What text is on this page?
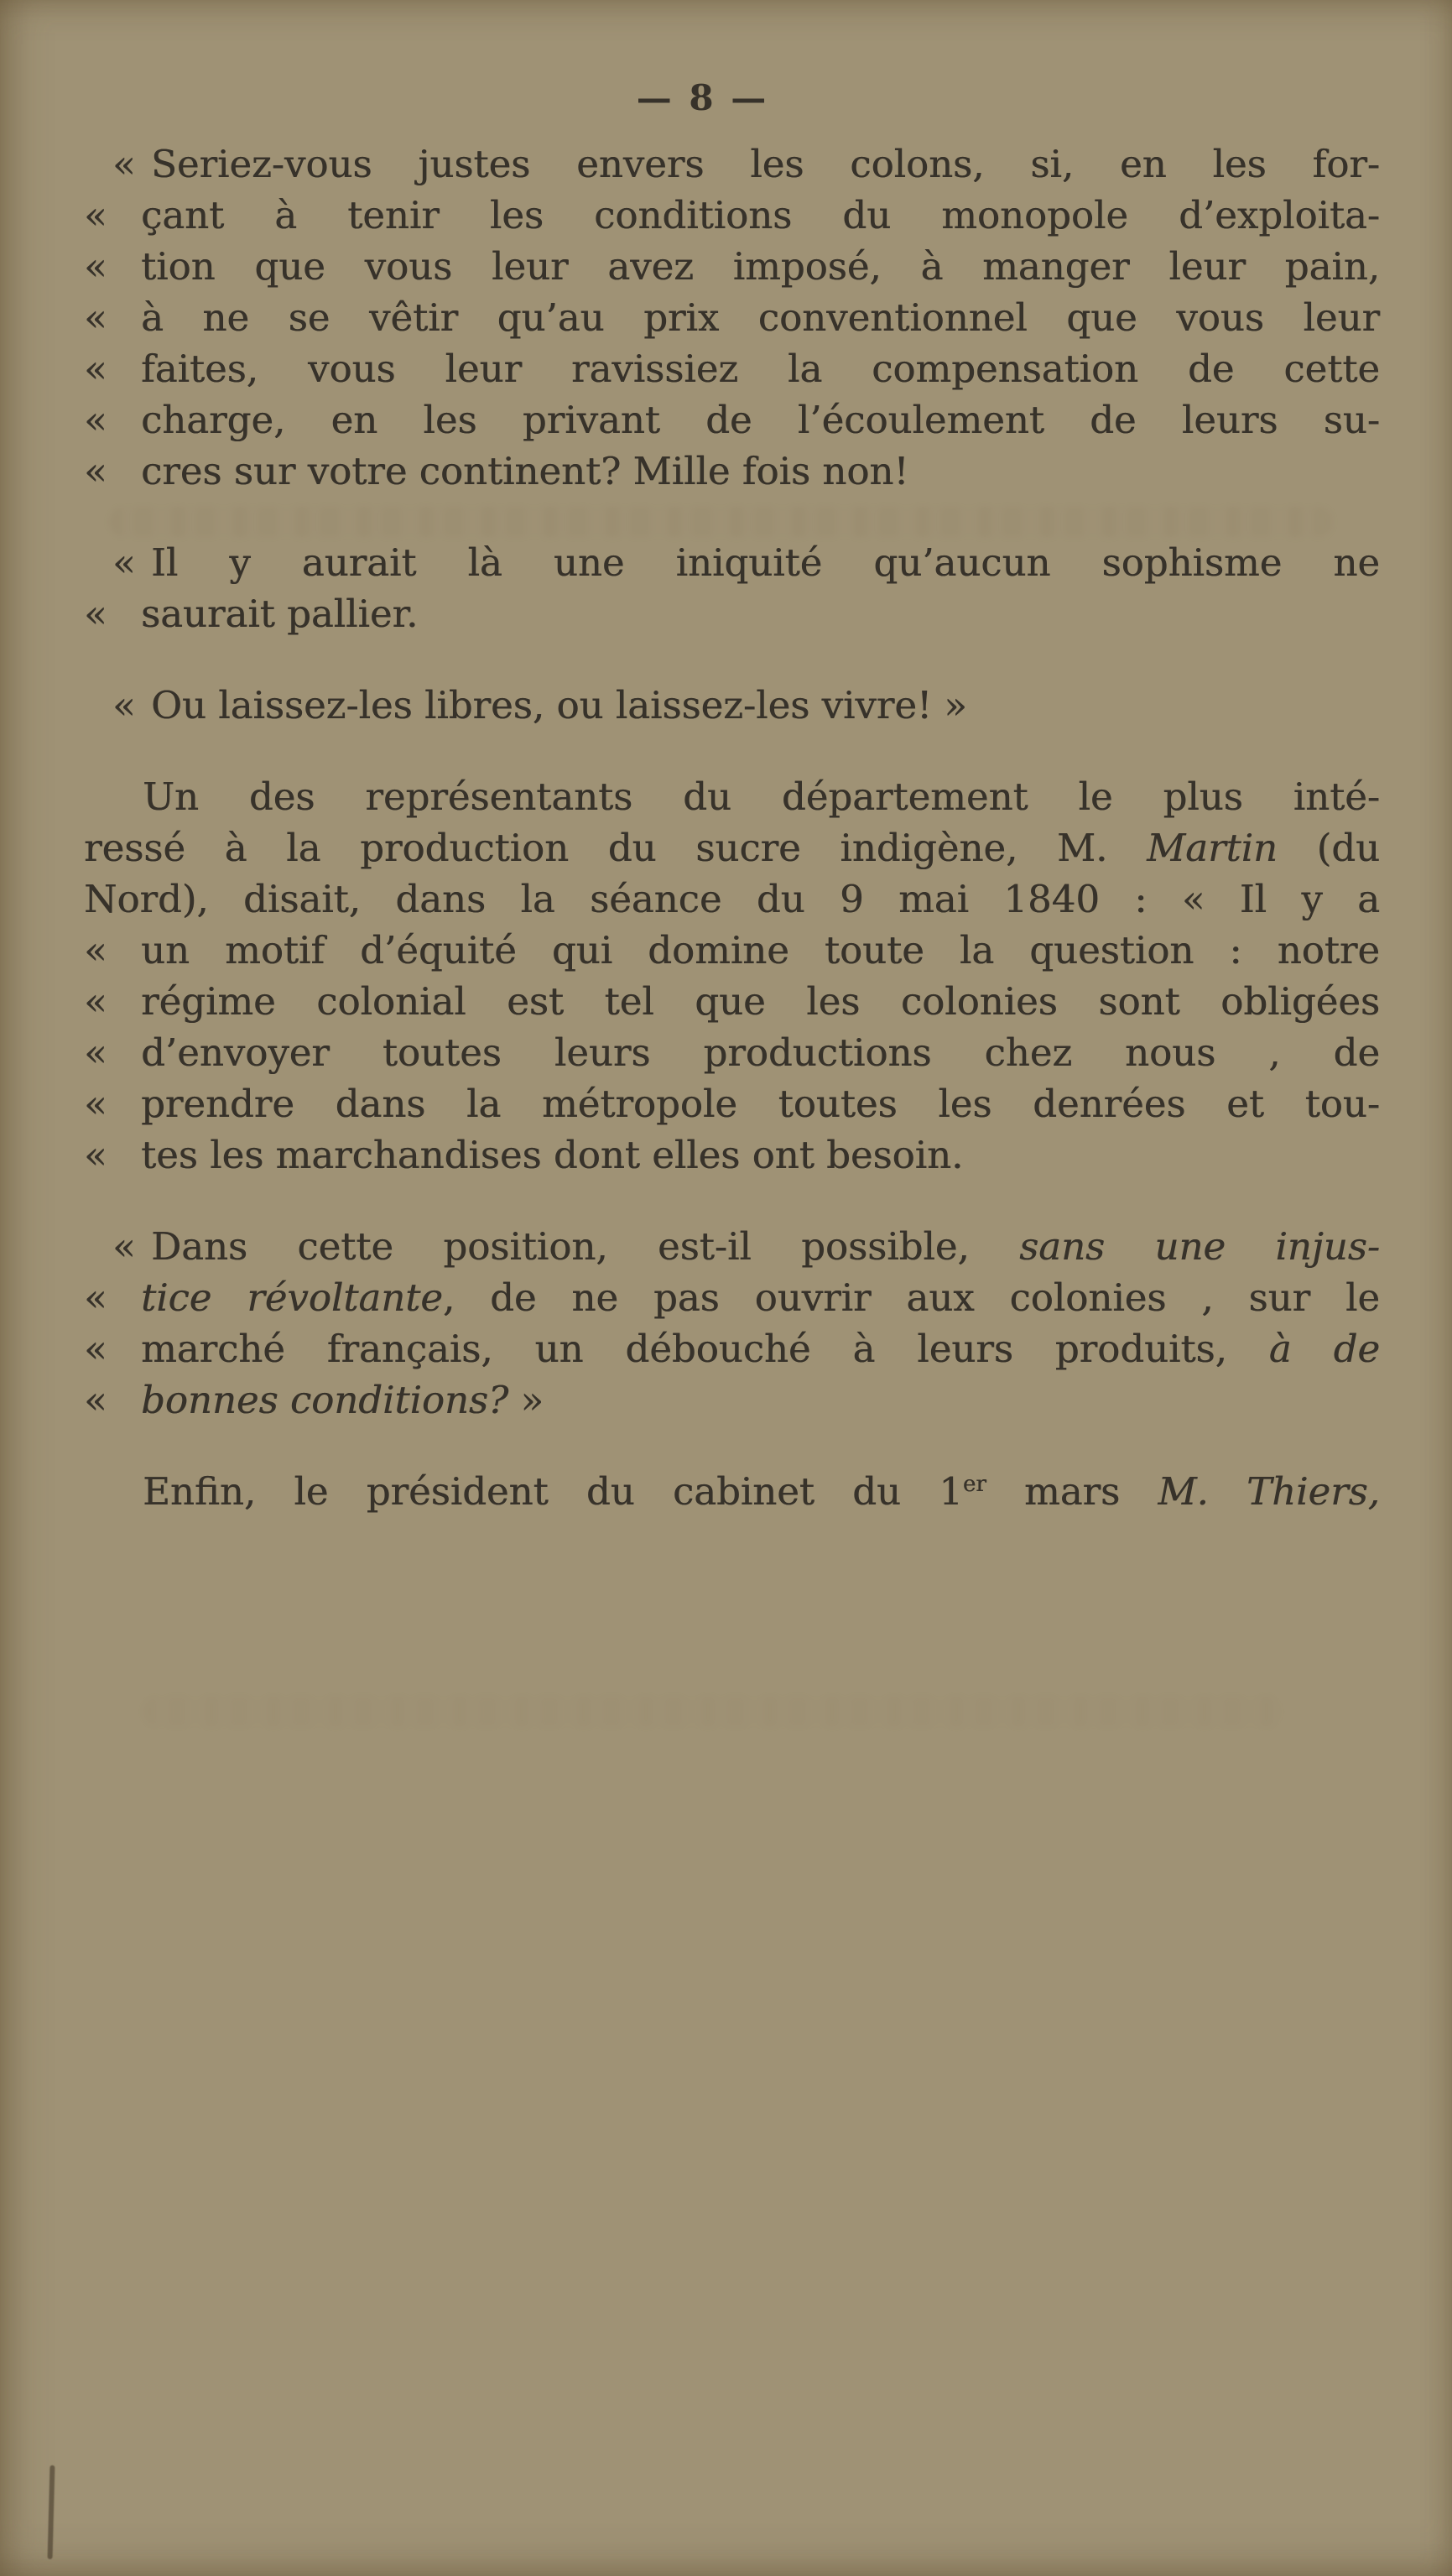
— 8 —
« Seriez-vous justes envers les colons, si, en les for-
« çant à tenir les conditions du monopole d’exploita-
« tion que vous leur avez imposé, à manger leur pain,
« à ne se vêtir qu’au prix conventionnel que vous leur
« faites, vous leur ravissiez la compensation de cette
« charge, en les privant de l’écoulement de leurs su-
« cres sur votre continent? Mille fois non!
« Il y aurait là une iniquité qu’aucun sophisme ne
« saurait pallier.
« Ou laissez-les libres, ou laissez-les vivre! »
Un des représentants du département le plus inté-
ressé à la production du sucre indigène, M. Martin (du
Nord), disait, dans la séance du 9 mai 1840 : « Il y a
« un motif d’équité qui domine toute la question : notre
« régime colonial est tel que les colonies sont obligées
« d’envoyer toutes leurs productions chez nous , de
« prendre dans la métropole toutes les denrées et tou-
« tes les marchandises dont elles ont besoin.
« Dans cette position, est-il possible, sans une injus-
« tice révoltante, de ne pas ouvrir aux colonies , sur le
« marché français, un débouché à leurs produits, à de
« bonnes conditions? »
Enfin, le président du cabinet du 1er mars M. Thiers,
